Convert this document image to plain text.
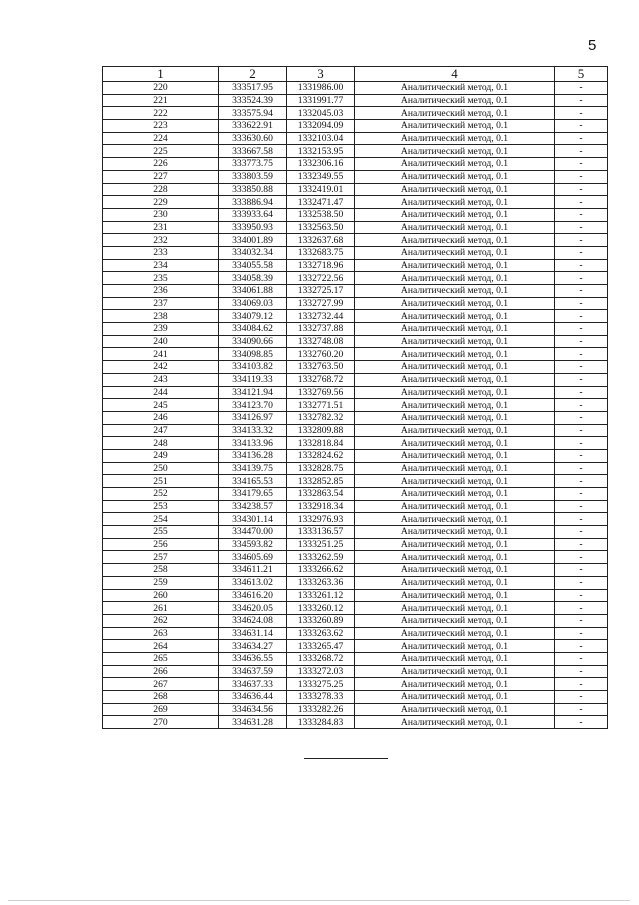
5
1	2	3	4	5
220	333517.95	1331986.00	Аналитический метод, 0.1	-
221	333524.39	1331991.77	Аналитический метод, 0.1	-
222	333575.94	1332045.03	Аналитический метод, 0.1	-
223	333622.91	1332094.09	Аналитический метод, 0.1	-
224	333630.60	1332103.04	Аналитический метод, 0.1	-
225	333667.58	1332153.95	Аналитический метод, 0.1	-
226	333773.75	1332306.16	Аналитический метод, 0.1	-
227	333803.59	1332349.55	Аналитический метод, 0.1	-
228	333850.88	1332419.01	Аналитический метод, 0.1	-
229	333886.94	1332471.47	Аналитический метод, 0.1	-
230	333933.64	1332538.50	Аналитический метод, 0.1	-
231	333950.93	1332563.50	Аналитический метод, 0.1	-
232	334001.89	1332637.68	Аналитический метод, 0.1	-
233	334032.34	1332683.75	Аналитический метод, 0.1	-
234	334055.58	1332718.96	Аналитический метод, 0.1	-
235	334058.39	1332722.56	Аналитический метод, 0.1	-
236	334061.88	1332725.17	Аналитический метод, 0.1	-
237	334069.03	1332727.99	Аналитический метод, 0.1	-
238	334079.12	1332732.44	Аналитический метод, 0.1	-
239	334084.62	1332737.88	Аналитический метод, 0.1	-
240	334090.66	1332748.08	Аналитический метод, 0.1	-
241	334098.85	1332760.20	Аналитический метод, 0.1	-
242	334103.82	1332763.50	Аналитический метод, 0.1	-
243	334119.33	1332768.72	Аналитический метод, 0.1	-
244	334121.94	1332769.56	Аналитический метод, 0.1	-
245	334123.70	1332771.51	Аналитический метод, 0.1	-
246	334126.97	1332782.32	Аналитический метод, 0.1	-
247	334133.32	1332809.88	Аналитический метод, 0.1	-
248	334133.96	1332818.84	Аналитический метод, 0.1	-
249	334136.28	1332824.62	Аналитический метод, 0.1	-
250	334139.75	1332828.75	Аналитический метод, 0.1	-
251	334165.53	1332852.85	Аналитический метод, 0.1	-
252	334179.65	1332863.54	Аналитический метод, 0.1	-
253	334238.57	1332918.34	Аналитический метод, 0.1	-
254	334301.14	1332976.93	Аналитический метод, 0.1	-
255	334470.00	1333136.57	Аналитический метод, 0.1	-
256	334593.82	1333251.25	Аналитический метод, 0.1	-
257	334605.69	1333262.59	Аналитический метод, 0.1	-
258	334611.21	1333266.62	Аналитический метод, 0.1	-
259	334613.02	1333263.36	Аналитический метод, 0.1	-
260	334616.20	1333261.12	Аналитический метод, 0.1	-
261	334620.05	1333260.12	Аналитический метод, 0.1	-
262	334624.08	1333260.89	Аналитический метод, 0.1	-
263	334631.14	1333263.62	Аналитический метод, 0.1	-
264	334634.27	1333265.47	Аналитический метод, 0.1	-
265	334636.55	1333268.72	Аналитический метод, 0.1	-
266	334637.59	1333272.03	Аналитический метод, 0.1	-
267	334637.33	1333275.25	Аналитический метод, 0.1	-
268	334636.44	1333278.33	Аналитический метод, 0.1	-
269	334634.56	1333282.26	Аналитический метод, 0.1	-
270	334631.28	1333284.83	Аналитический метод, 0.1	-
